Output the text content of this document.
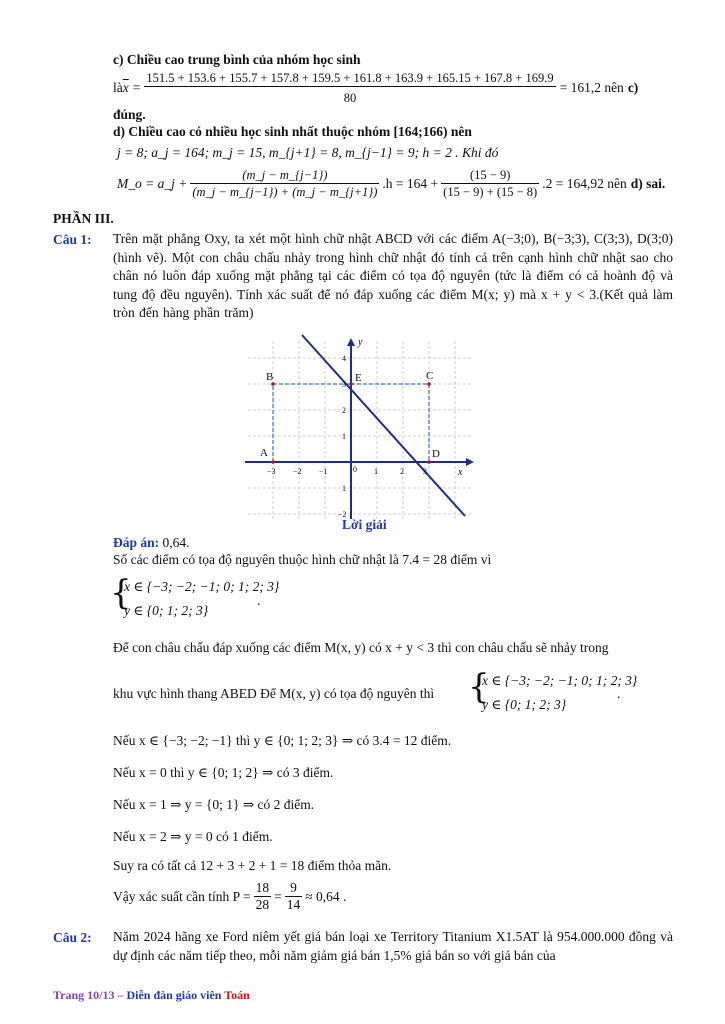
c) Chiều cao trung bình của nhóm học sinh
là $\overline{x}$ =
151.5 + 153.6 + 155.7 + 157.8 + 159.5 + 161.8 + 163.9 + 165.15 + 167.8 + 169.9
80
= 161,2 nên c)
đúng.
d) Chiều cao có nhiều học sinh nhất thuộc nhóm [164;166) nên
j = 8; a_j = 164; m_j = 15, m_{j+1} = 8, m_{j−1} = 9; h = 2 . Khi đó
M_o = a_j + $\frac{(m\_j - m\_\{j-1\})}{(m\_j - m\_\{j-1\}) + (m\_j - m\_\{j+1\})} .h = 164 + \frac{(15 - 9)}{(15 - 9) + (15 - 8)} .2 = 164,92$ nên d) sai.
PHẦN III.
Câu 1: Trên mặt phẳng Oxy, ta xét một hình chữ nhật ABCD với các điểm A(−3;0), B(−3;3), C(3;3), D(3;0) (hình vẽ). Một con châu chấu nhảy trong hình chữ nhật đó tính cả trên cạnh hình chữ nhật sao cho chân nó luôn đáp xuống mặt phẳng tại các điểm có tọa độ nguyên (tức là điểm có cả hoành độ và tung độ đều nguyên). Tính xác suất để nó đáp xuống các điểm M(x; y) mà x + y < 3.(Kết quả làm tròn đến hàng phần trăm)
A
B	C
D
E
−3 −2 −1	0 1	2 3
4
3
2
1
1
−2
x
y
Lời giải
Đáp án: 0,64.
Số các điểm có tọa độ nguyên thuộc hình chữ nhật là 7.4 = 28 điểm vì
{
x ∈ {−3; −2; −1; 0; 1; 2; 3}
y ∈ {0; 1; 2; 3}
.
Để con châu chấu đáp xuống các điểm M(x, y) có x + y < 3 thì con châu chấu sẽ nhảy trong
khu vực hình thang ABED Để M(x, y) có tọa độ nguyên thì {
x ∈ {−3; −2; −1; 0; 1; 2; 3}
y ∈ {0; 1; 2; 3}
.
Nếu x ∈ {−3; −2; −1} thì y ∈ {0; 1; 2; 3} ⇒ có 3.4 = 12 điểm.
Nếu x = 0 thì y ∈ {0; 1; 2} ⇒ có 3 điểm.
Nếu x = 1 ⇒ y = {0; 1} ⇒ có 2 điểm.
Nếu x = 2 ⇒ y = 0 có 1 điểm.
Suy ra có tất cả 12 + 3 + 2 + 1 = 18 điểm thỏa mãn.
Vậy xác suất cần tính $P = \frac{18}{28} = \frac{9}{14} \approx 0,64$ .
Câu 2: Năm 2024 hãng xe Ford niêm yết giá bán loại xe Territory Titanium X1.5AT là 954.000.000 đồng và dự định các năm tiếp theo, mỗi năm giảm giá bán 1,5% giá bán so với giá bán của
Trang 10/13 – Diễn đàn giáo viên Toán
